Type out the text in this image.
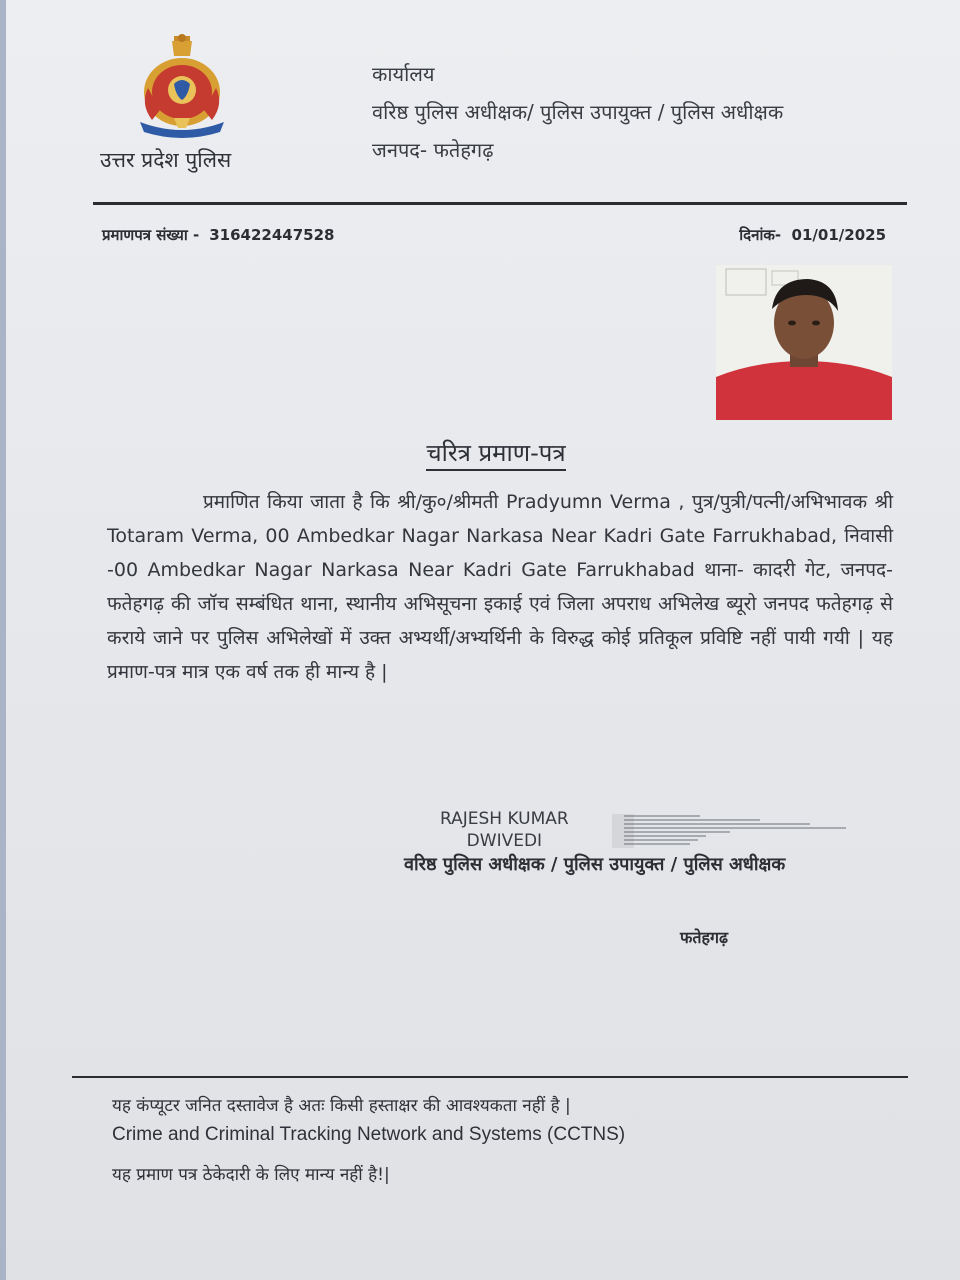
उत्तर प्रदेश पुलिस
कार्यालय
वरिष्ठ पुलिस अधीक्षक/ पुलिस उपायुक्त / पुलिस अधीक्षक
जनपद- फतेहगढ़
प्रमाणपत्र संख्या - 316422447528	दिनांक- 01/01/2025
चरित्र प्रमाण-पत्र
प्रमाणित किया जाता है कि श्री/कु०/श्रीमती Pradyumn Verma , पुत्र/पुत्री/पत्नी/अभिभावक श्री Totaram Verma, 00 Ambedkar Nagar Narkasa Near Kadri Gate Farrukhabad, निवासी -00 Ambedkar Nagar Narkasa Near Kadri Gate Farrukhabad थाना- कादरी गेट, जनपद- फतेहगढ़ की जॉच सम्बंधित थाना, स्थानीय अभिसूचना इकाई एवं जिला अपराध अभिलेख ब्यूरो जनपद फतेहगढ़ से कराये जाने पर पुलिस अभिलेखों में उक्त अभ्यर्थी/अभ्यर्थिनी के विरुद्ध कोई प्रतिकूल प्रविष्टि नहीं पायी गयी | यह प्रमाण-पत्र मात्र एक वर्ष तक ही मान्य है |
RAJESH KUMAR
DWIVEDI
वरिष्ठ पुलिस अधीक्षक / पुलिस उपायुक्त / पुलिस अधीक्षक
फतेहगढ़
यह कंप्यूटर जनित दस्तावेज है अतः किसी हस्ताक्षर की आवश्यकता नहीं है |
Crime and Criminal Tracking Network and Systems (CCTNS)
यह प्रमाण पत्र ठेकेदारी के लिए मान्य नहीं है!|
